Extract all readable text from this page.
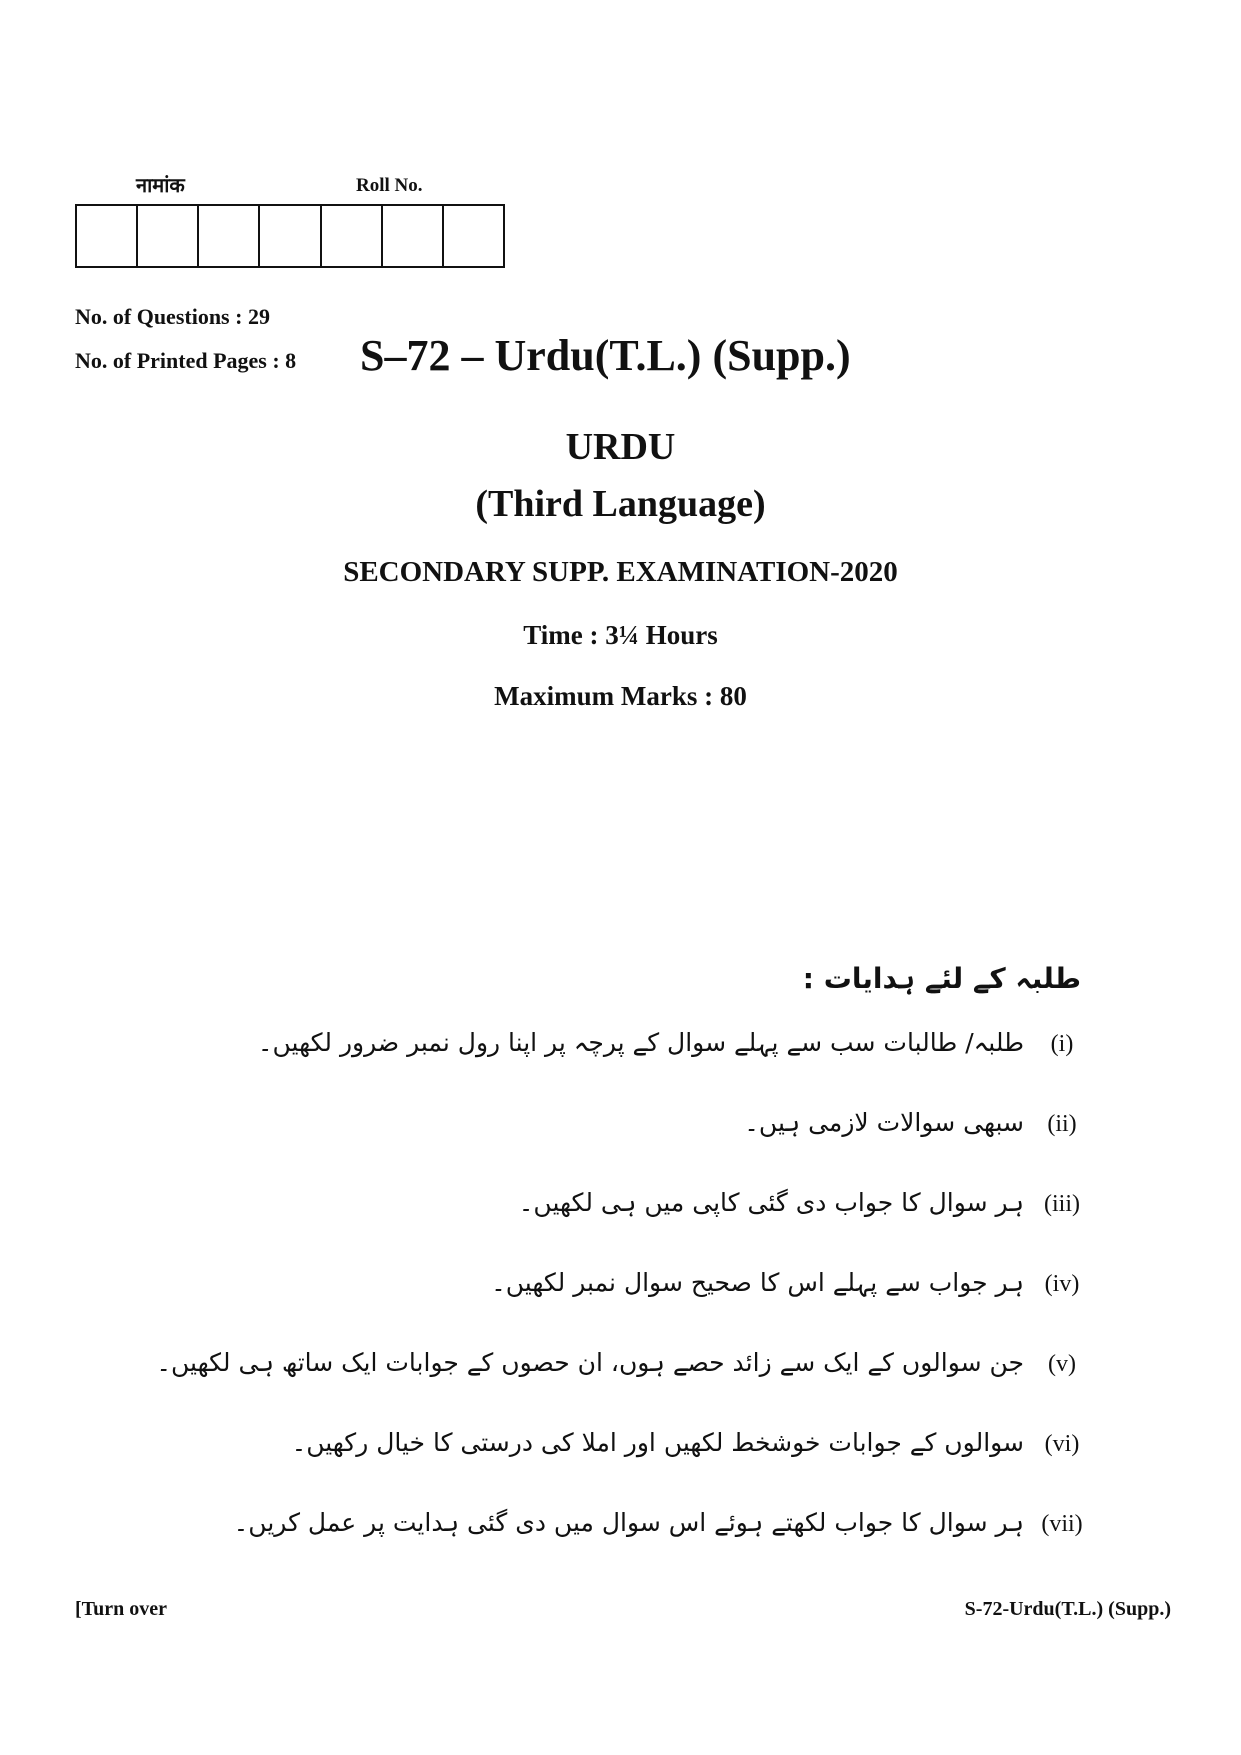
नामांक	Roll No.
No. of Questions : 29
No. of Printed Pages : 8 S–72 – Urdu(T.L.) (Supp.)
URDU
(Third Language)
SECONDARY SUPP. EXAMINATION-2020
Time : 3¼ Hours
Maximum Marks : 80
طلبہ کے لئے ہدایات :
(i)
طلبہ/ طالبات سب سے پہلے سوال کے پرچہ پر اپنا رول نمبر ضرور لکھیں۔
(ii)
سبھی سوالات لازمی ہیں۔
(iii)
ہر سوال کا جواب دی گئی کاپی میں ہی لکھیں۔
(iv)
ہر جواب سے پہلے اس کا صحیح سوال نمبر لکھیں۔
(v)
جن سوالوں کے ایک سے زائد حصے ہوں، ان حصوں کے جوابات ایک ساتھ ہی لکھیں۔
(vi)
سوالوں کے جوابات خوشخط لکھیں اور املا کی درستی کا خیال رکھیں۔
(vii)
ہر سوال کا جواب لکھتے ہوئے اس سوال میں دی گئی ہدایت پر عمل کریں۔
[Turn over	S-72-Urdu(T.L.) (Supp.)
